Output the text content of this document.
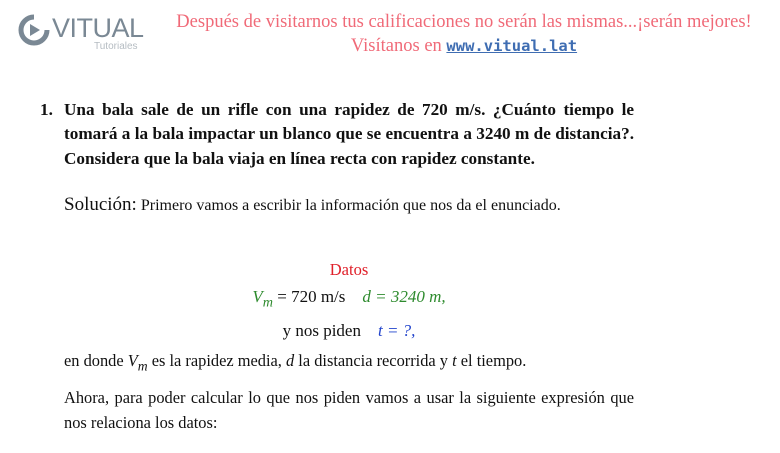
VITUAL
Tutoriales
Después de visitarnos tus calificaciones no serán las mismas...¡serán mejores!
Visítanos en www.vitual.lat
1. Una bala sale de un rifle con una rapidez de 720 m/s. ¿Cuánto tiempo le tomará a la bala impactar un blanco que se encuentra a 3240 m de distancia?. Considera que la bala viaja en línea recta con rapidez constante.
Solución: Primero vamos a escribir la información que nos da el enunciado.
Datos
$V_m = 720$ m/s d = 3240 m,
y nos piden t = ?,
en donde $V_m$ es la rapidez media, d la distancia recorrida y t el tiempo.
Ahora, para poder calcular lo que nos piden vamos a usar la siguiente expresión que nos relaciona los datos:
